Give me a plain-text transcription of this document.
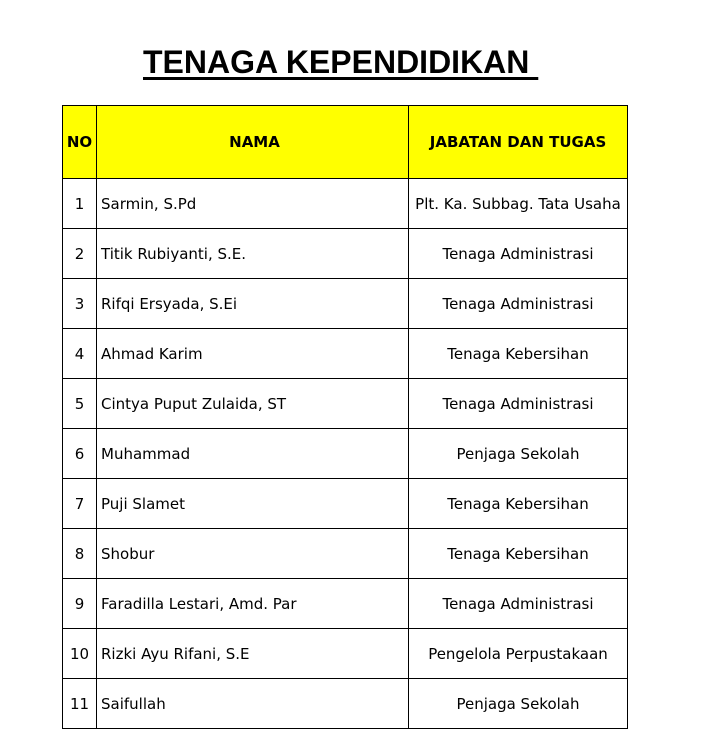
TENAGA KEPENDIDIKAN
NO	NAMA	JABATAN DAN TUGAS
1	Sarmin, S.Pd	Plt. Ka. Subbag. Tata Usaha
2	Titik Rubiyanti, S.E.	Tenaga Administrasi
3	Rifqi Ersyada, S.Ei	Tenaga Administrasi
4	Ahmad Karim	Tenaga Kebersihan
5	Cintya Puput Zulaida, ST	Tenaga Administrasi
6	Muhammad	Penjaga Sekolah
7	Puji Slamet	Tenaga Kebersihan
8	Shobur	Tenaga Kebersihan
9	Faradilla Lestari, Amd. Par	Tenaga Administrasi
10	Rizki Ayu Rifani, S.E	Pengelola Perpustakaan
11	Saifullah	Penjaga Sekolah
